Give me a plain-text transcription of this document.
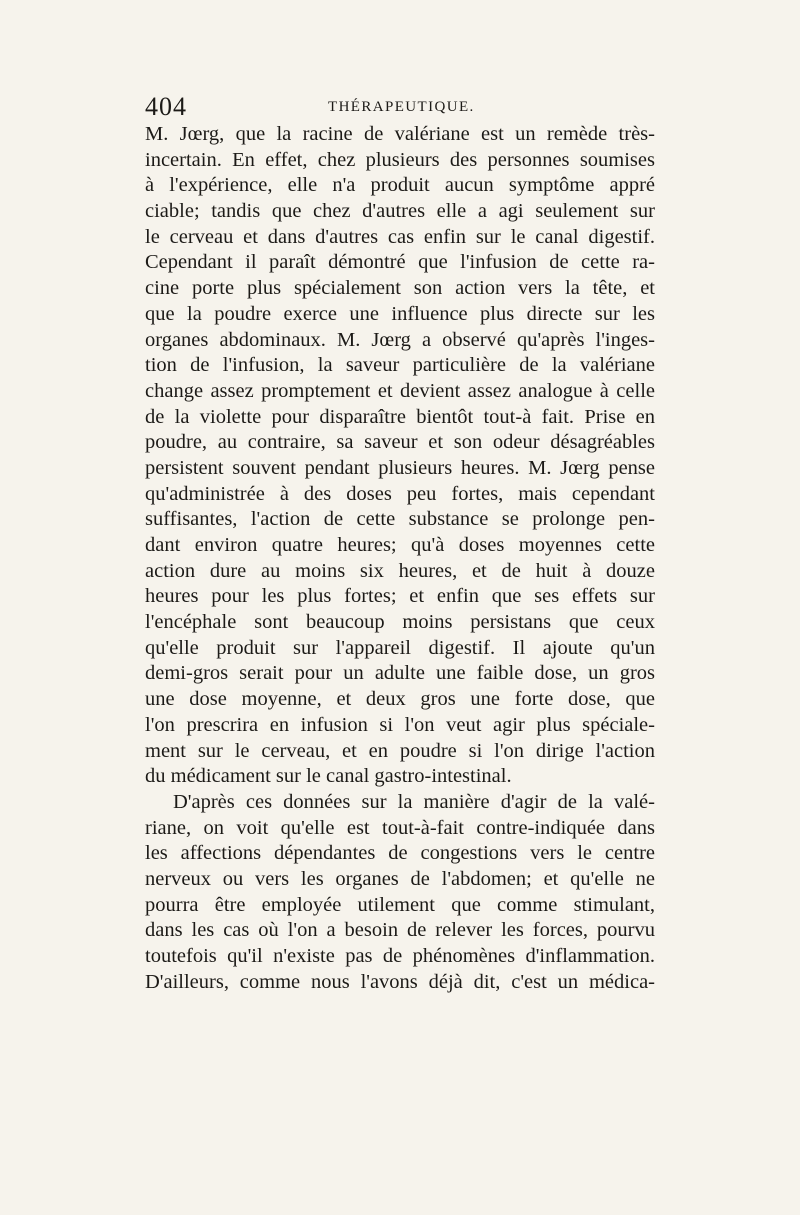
404	THÉRAPEUTIQUE.
M. Jœrg, que la racine de valériane est un remède très-
incertain. En effet, chez plusieurs des personnes soumises
à l'expérience, elle n'a produit aucun symptôme appré
ciable; tandis que chez d'autres elle a agi seulement sur
le cerveau et dans d'autres cas enfin sur le canal digestif.
Cependant il paraît démontré que l'infusion de cette ra-
cine porte plus spécialement son action vers la tête, et
que la poudre exerce une influence plus directe sur les
organes abdominaux. M. Jœrg a observé qu'après l'inges-
tion de l'infusion, la saveur particulière de la valériane
change assez promptement et devient assez analogue à celle
de la violette pour disparaître bientôt tout-à fait. Prise en
poudre, au contraire, sa saveur et son odeur désagréables
persistent souvent pendant plusieurs heures. M. Jœrg pense
qu'administrée à des doses peu fortes, mais cependant
suffisantes, l'action de cette substance se prolonge pen-
dant environ quatre heures; qu'à doses moyennes cette
action dure au moins six heures, et de huit à douze
heures pour les plus fortes; et enfin que ses effets sur
l'encéphale sont beaucoup moins persistans que ceux
qu'elle produit sur l'appareil digestif. Il ajoute qu'un
demi-gros serait pour un adulte une faible dose, un gros
une dose moyenne, et deux gros une forte dose, que
l'on prescrira en infusion si l'on veut agir plus spéciale-
ment sur le cerveau, et en poudre si l'on dirige l'action
du médicament sur le canal gastro-intestinal.
D'après ces données sur la manière d'agir de la valé-
riane, on voit qu'elle est tout-à-fait contre-indiquée dans
les affections dépendantes de congestions vers le centre
nerveux ou vers les organes de l'abdomen; et qu'elle ne
pourra être employée utilement que comme stimulant,
dans les cas où l'on a besoin de relever les forces, pourvu
toutefois qu'il n'existe pas de phénomènes d'inflammation.
D'ailleurs, comme nous l'avons déjà dit, c'est un médica-
